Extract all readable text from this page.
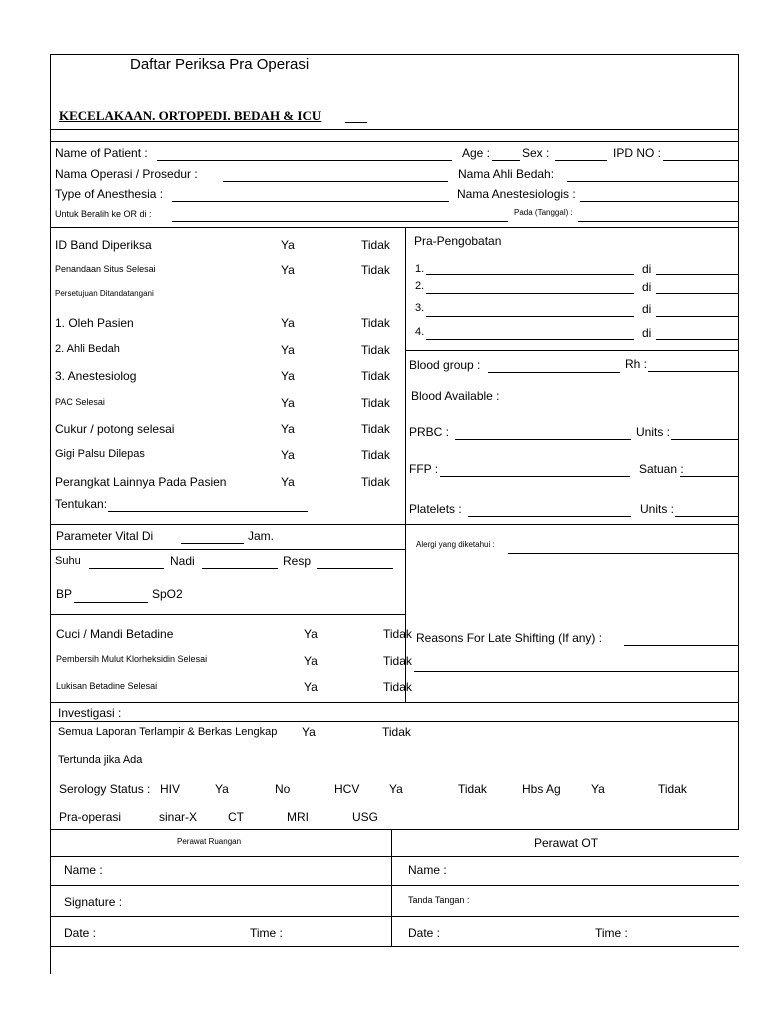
Daftar Periksa Pra Operasi
KECELAKAAN. ORTOPEDI. BEDAH & ICU
Name of Patient :	Age :	Sex :	IPD NO :
Nama Operasi / Prosedur :	Nama Ahli Bedah:
Type of Anesthesia :	Nama Anestesiologis :
Untuk Beralih ke OR di :	Pada (Tanggal) :
ID Band Diperiksa	Ya	Tidak
Penandaan Situs Selesai	Ya	Tidak
Persetujuan Ditandatangani
1. Oleh Pasien	Ya	Tidak
2. Ahli Bedah	Ya	Tidak
3. Anestesiolog	Ya	Tidak
PAC Selesai	Ya	Tidak
Cukur / potong selesai	Ya	Tidak
Gigi Palsu Dilepas	Ya	Tidak
Perangkat Lainnya Pada Pasien	Ya	Tidak
Tentukan:
Pra-Pengobatan
1.	di
2.	di
3.	di
4.	di
Blood group :	Rh :
Blood Available :
PRBC :	Units :
FFP :	Satuan :
Platelets :	Units :
Parameter Vital Di	Jam.
Alergi yang diketahui :
Suhu	Nadi	Resp
BP	SpO2
Cuci / Mandi Betadine	Ya	Tidak
Pembersih Mulut Klorheksidin Selesai	Ya	Tidak
Lukisan Betadine Selesai	Ya	Tidak
Reasons For Late Shifting (If any) :
Investigasi :
Semua Laporan Terlampir & Berkas Lengkap Ya	Tidak
Tertunda jika Ada
Serology Status : HIV	Ya	No	HCV Ya	Tidak	Hbs Ag	Ya	Tidak
Pra-operasi	sinar-X	CT	MRI	USG
Perawat Ruangan	Perawat OT
Name :	Name :
Signature :	Tanda Tangan :
Date :	Time :	Date :	Time :
